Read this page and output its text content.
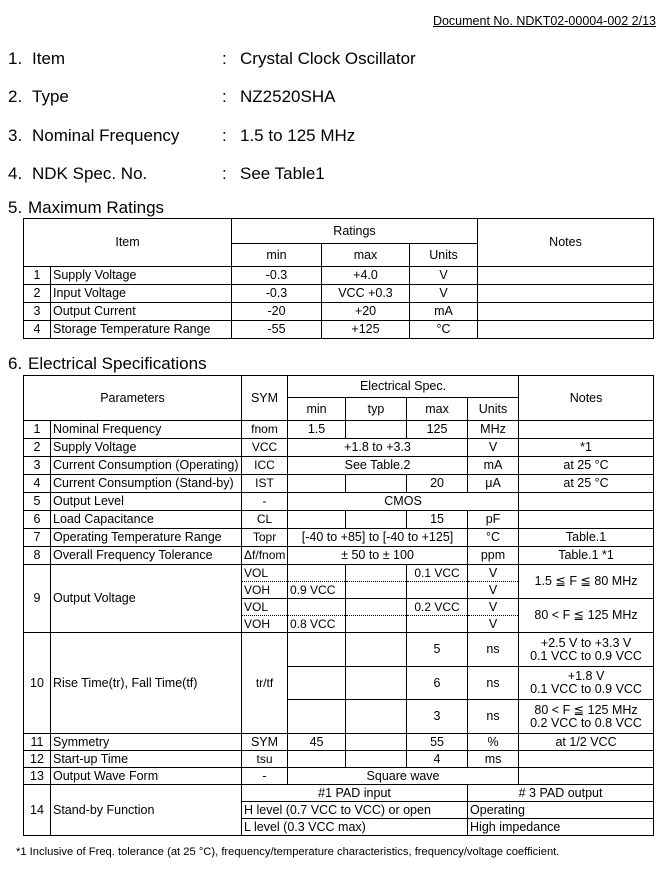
Document No. NDKT02-00004-002 2/13
1. Item	: Crystal Clock Oscillator
2. Type	: NZ2520SHA
3. Nominal Frequency	: 1.5 to 125 MHz
4. NDK Spec. No.	: See Table1
5. Maximum Ratings
Item		Ratings			Notes
		min	max	Units	
1	Supply Voltage	-0.3	+4.0	V	
2	Input Voltage	-0.3	VCC +0.3	V	
3	Output Current	-20	+20	mA	
4	Storage Temperature Range	-55	+125	°C	
6. Electrical Specifications
Parameters		SYM	Electrical Spec.				Notes
			min	typ	max	Units	
1	Nominal Frequency	fnom	1.5		125	MHz	
2	Supply Voltage	VCC	+1.8 to +3.3			V	*1
3	Current Consumption (Operating)	ICC	See Table.2			mA	at 25 °C
4	Current Consumption (Stand-by)	IST			20	μA	at 25 °C
5	Output Level	-	CMOS				
6	Load Capacitance	CL			15	pF	
7	Operating Temperature Range	Topr	[-40 to +85] to [-40 to +125]			°C	Table.1
8	Overall Frequency Tolerance	Δf/fnom	± 50 to ± 100			ppm	Table.1 *1
9	Output Voltage	VOL			0.1 VCC	V	1.5 ≦ F ≦ 80 MHz
		VOH	0.9 VCC			V	
		VOL			0.2 VCC	V	80 < F ≦ 125 MHz
		VOH	0.8 VCC			V	
10	Rise Time(tr), Fall Time(tf)	tr/tf			5	ns	+2.5 V to +3.3 V
0.1 VCC to 0.9 VCC

					6	ns	+1.8 V
0.1 VCC to 0.9 VCC

					3	ns	80 < F ≦ 125 MHz
0.2 VCC to 0.8 VCC

11	Symmetry	SYM	45		55	%	at 1/2 VCC
12	Start-up Time	tsu			4	ms	
13	Output Wave Form	-	Square wave				
14	Stand-by Function	#1 PAD input				# 3 PAD output	
		H level (0.7 VCC to VCC) or open				Operating	
		L level (0.3 VCC max)				High impedance	
*1 Inclusive of Freq. tolerance (at 25 °C), frequency/temperature characteristics, frequency/voltage coefficient.
